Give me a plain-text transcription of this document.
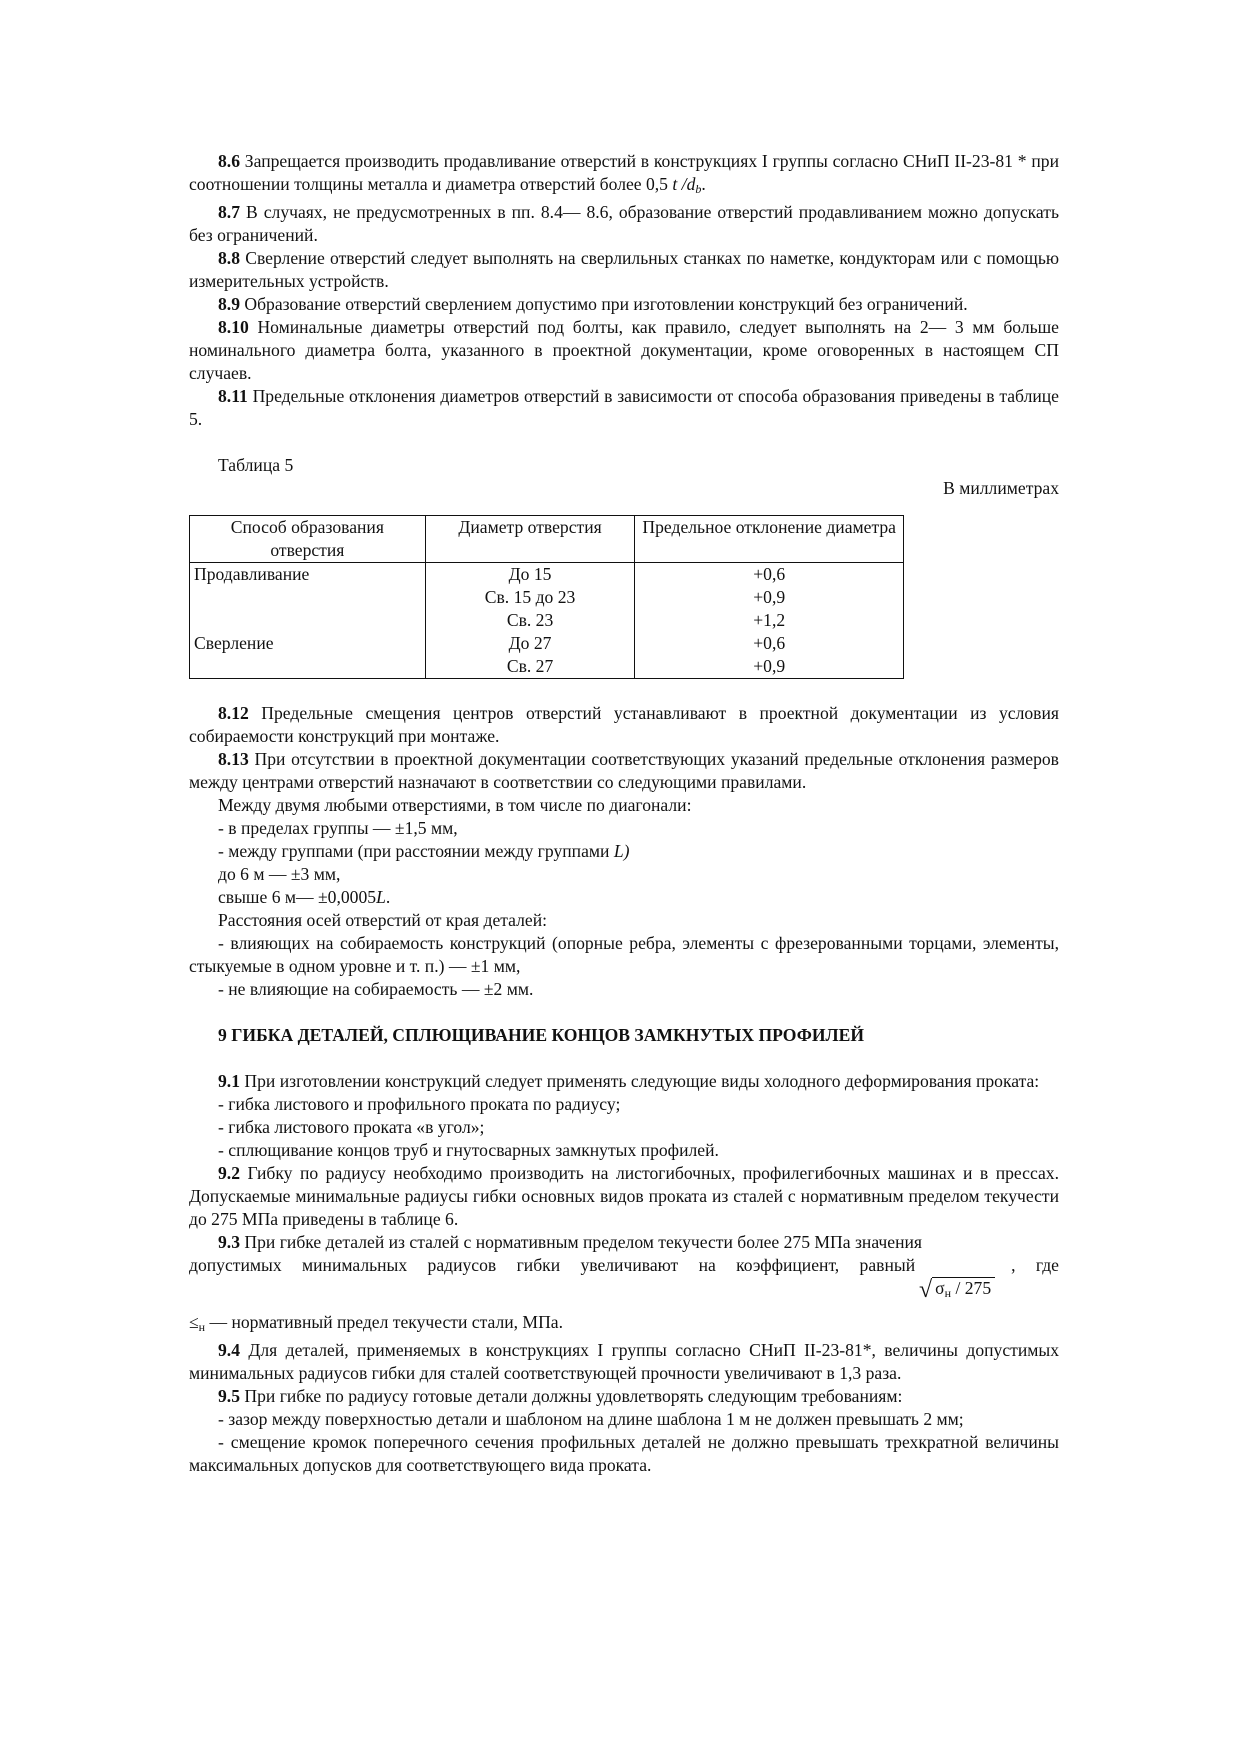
8.6 Запрещается производить продавливание отверстий в конструкциях I группы согласно СНиП II-23-81 * при соотношении толщины металла и диаметра отверстий более 0,5 t $/d_b$.

8.7 В случаях, не предусмотренных в пп. 8.4— 8.6, образование отверстий продавливанием можно допускать без ограничений.

8.8 Сверление отверстий следует выполнять на сверлильных станках по наметке, кондукторам или с помощью измерительных устройств.

8.9 Образование отверстий сверлением допустимо при изготовлении конструкций без ограничений.

8.10 Номинальные диаметры отверстий под болты, как правило, следует выполнять на 2— 3 мм больше номинального диаметра болта, указанного в проектной документации, кроме оговоренных в настоящем СП случаев.

8.11 Предельные отклонения диаметров отверстий в зависимости от способа образования приведены в таблице 5.

Таблица 5

В миллиметрах

Способ образования отверстия	Диаметр отверстия	Предельное отклонение диаметра
Продавливание	До 15	+0,6
	Св. 15 до 23	+0,9
	Св. 23	+1,2
Сверление	До 27	+0,6
	Св. 27	+0,9

8.12 Предельные смещения центров отверстий устанавливают в проектной документации из условия собираемости конструкций при монтаже.

8.13 При отсутствии в проектной документации соответствующих указаний предельные отклонения размеров между центрами отверстий назначают в соответствии со следующими правилами.

Между двумя любыми отверстиями, в том числе по диагонали:

- в пределах группы — ±1,5 мм,

- между группами (при расстоянии между группами L)

до 6 м — ±3 мм,

свыше 6 м— ±0,0005L.

Расстояния осей отверстий от края деталей:

- влияющих на собираемость конструкций (опорные ребра, элементы с фрезерованными торцами, элементы, стыкуемые в одном уровне и т. п.) — ±1 мм,

- не влияющие на собираемость — ±2 мм.

9 ГИБКА ДЕТАЛЕЙ, СПЛЮЩИВАНИЕ КОНЦОВ ЗАМКНУТЫХ ПРОФИЛЕЙ

9.1 При изготовлении конструкций следует применять следующие виды холодного деформирования проката:

- гибка листового и профильного проката по радиусу;

- гибка листового проката «в угол»;

- сплющивание концов труб и гнутосварных замкнутых профилей.

9.2 Гибку по радиусу необходимо производить на листогибочных, профилегибочных машинах и в прессах. Допускаемые минимальные радиусы гибки основных видов проката из сталей с нормативным пределом текучести до 275 МПа приведены в таблице 6.

9.3 При гибке деталей из сталей с нормативным пределом текучести более 275 МПа значения

допустимых минимальных радиусов гибки увеличивают на коэффициент, равный	, где

√ $\sigma_н / 275$

$\le_н$ — нормативный предел текучести стали, МПа.

9.4 Для деталей, применяемых в конструкциях I группы согласно СНиП II-23-81*, величины допустимых минимальных радиусов гибки для сталей соответствующей прочности увеличивают в 1,3 раза.

9.5 При гибке по радиусу готовые детали должны удовлетворять следующим требованиям:

- зазор между поверхностью детали и шаблоном на длине шаблона 1 м не должен превышать 2 мм;

- смещение кромок поперечного сечения профильных деталей не должно превышать трехкратной величины максимальных допусков для соответствующего вида проката.
